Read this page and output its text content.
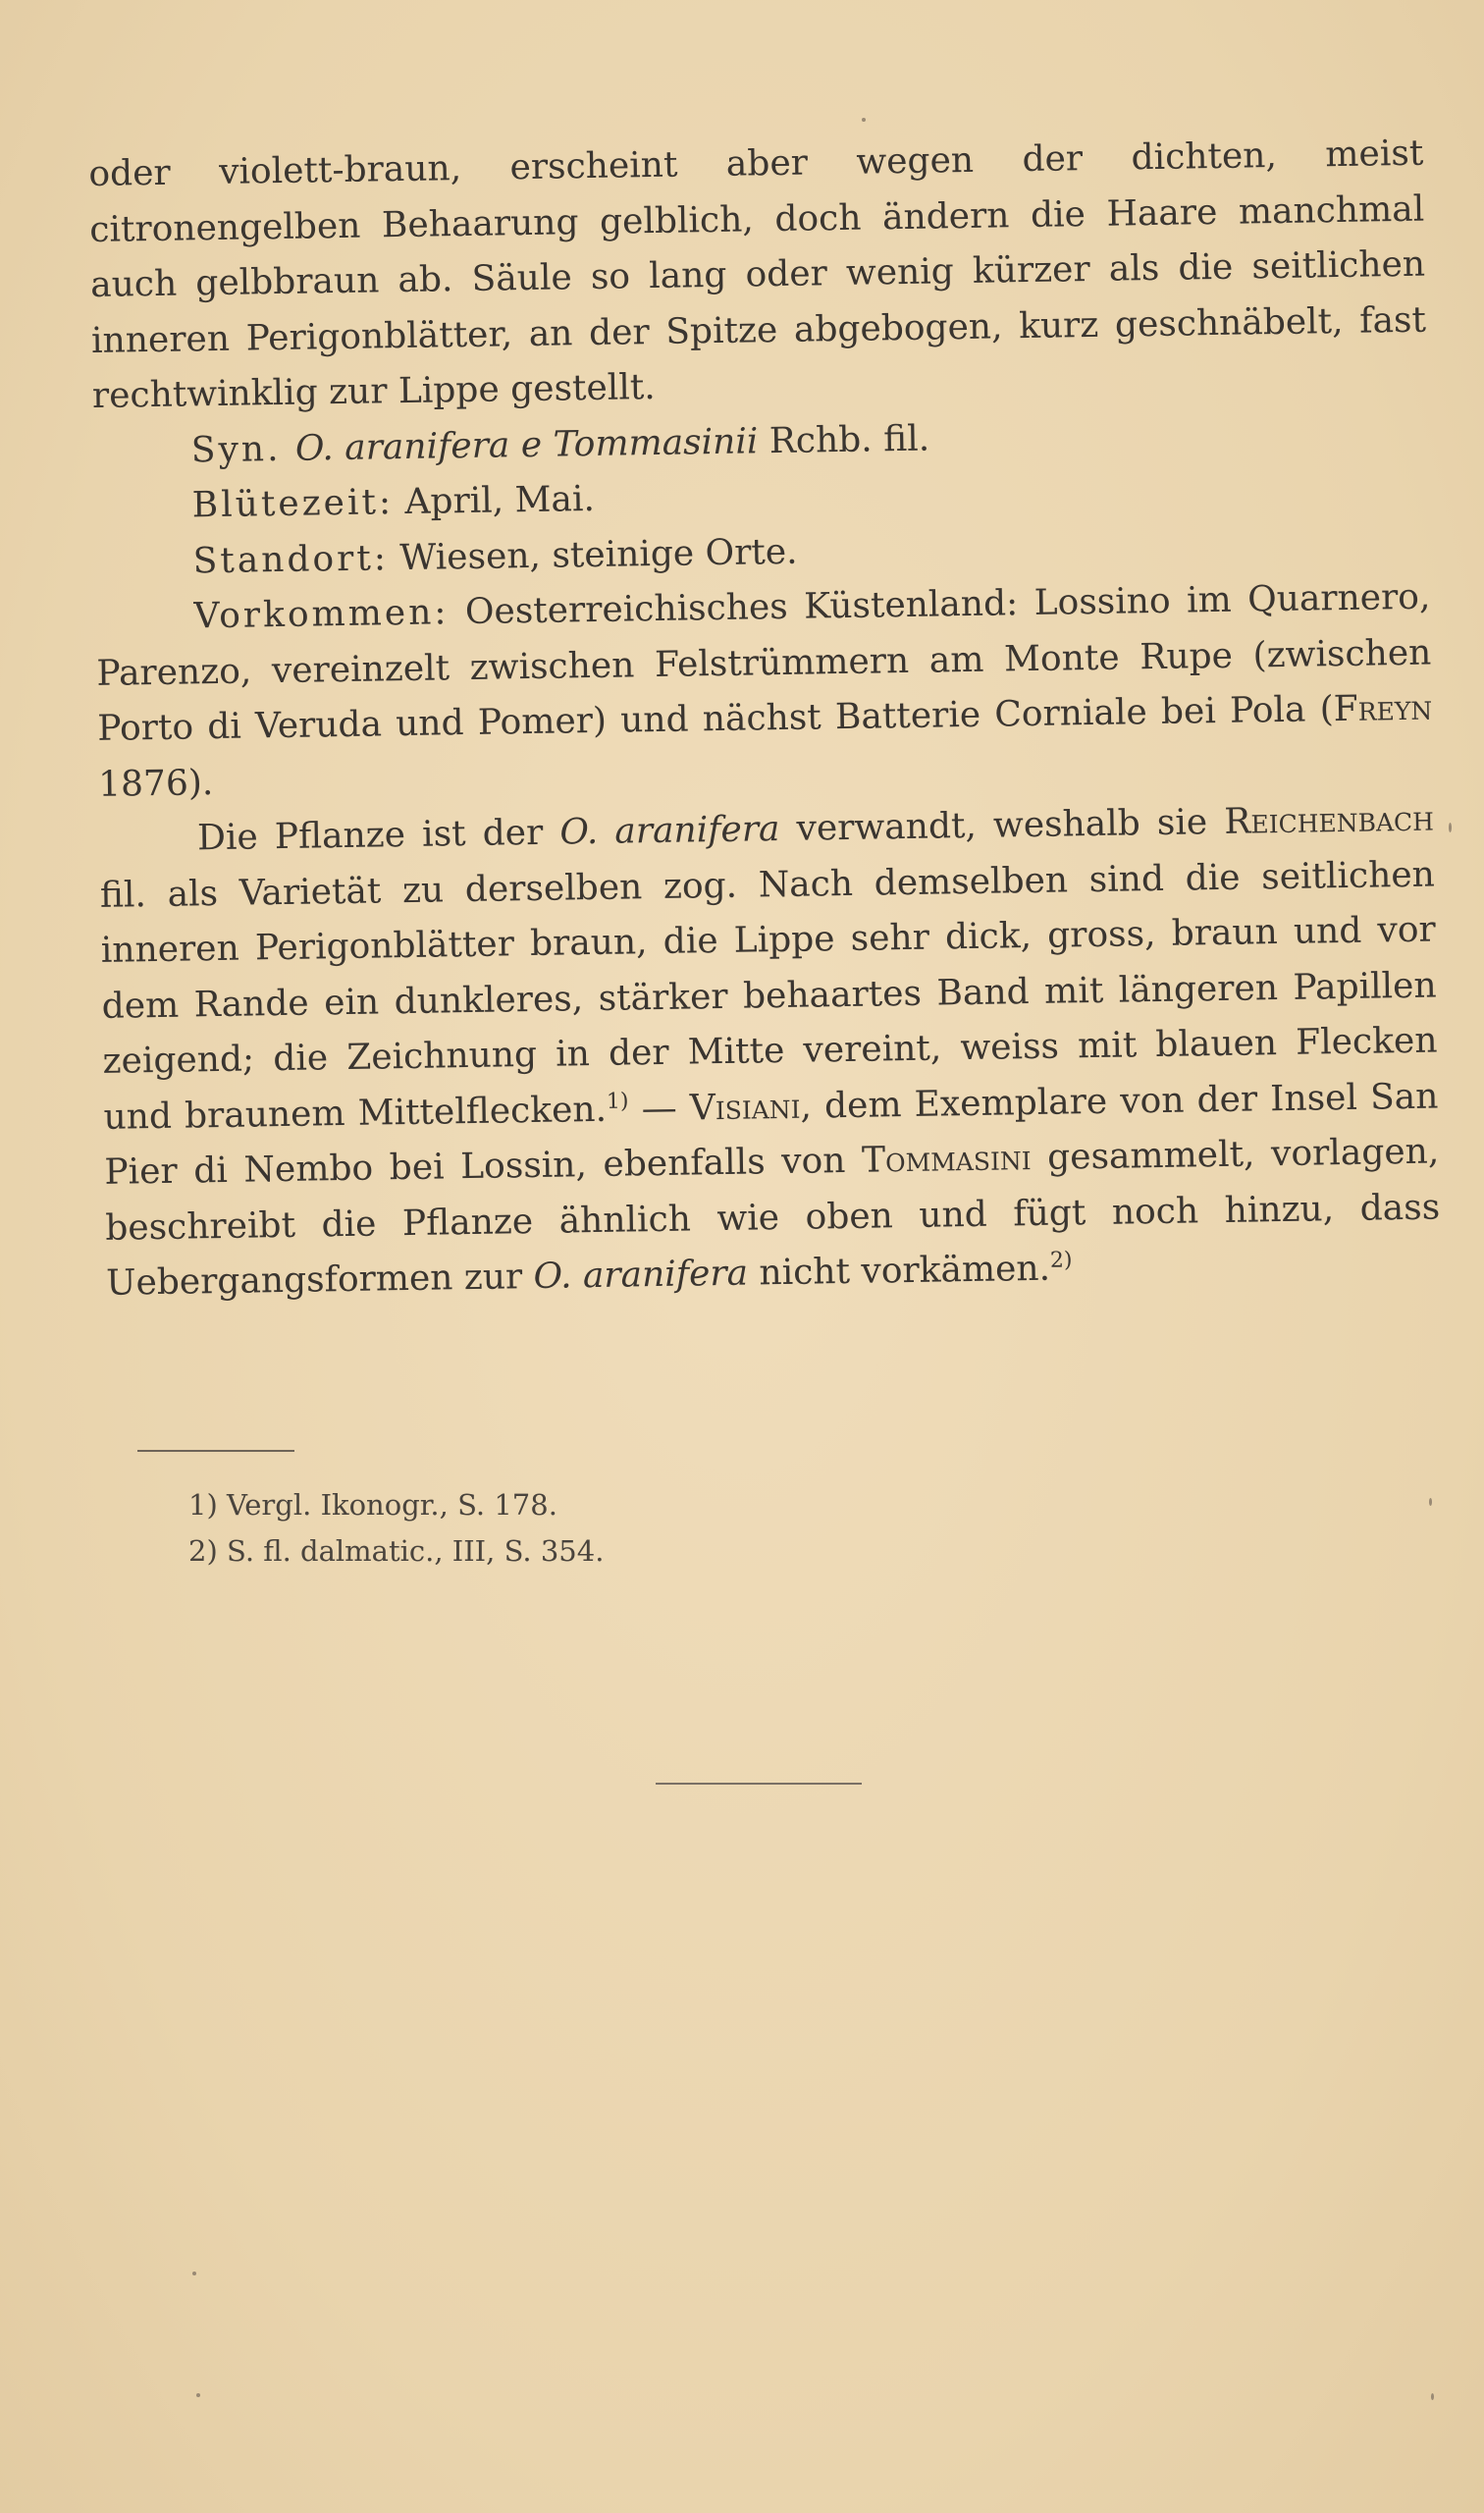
oder violett-braun, erscheint aber wegen der dichten, meist citronengelben Behaarung gelblich, doch ändern die Haare manchmal auch gelbbraun ab. Säule so lang oder wenig kürzer als die seitlichen inneren Perigonblätter, an der Spitze abgebogen, kurz geschnäbelt, fast rechtwinklig zur Lippe gestellt.

Syn. O. aranifera e Tommasinii Rchb. fil.

Blütezeit: April, Mai.

Standort: Wiesen, steinige Orte.

Vorkommen: Oesterreichisches Küstenland: Lossino im Quarnero, Parenzo, vereinzelt zwischen Felstrümmern am Monte Rupe (zwischen Porto di Veruda und Pomer) und nächst Batterie Corniale bei Pola (Freyn 1876).

Die Pflanze ist der O. aranifera verwandt, weshalb sie Reichenbach fil. als Varietät zu derselben zog. Nach demselben sind die seitlichen inneren Perigonblätter braun, die Lippe sehr dick, gross, braun und vor dem Rande ein dunkleres, stärker behaartes Band mit längeren Papillen zeigend; die Zeichnung in der Mitte vereint, weiss mit blauen Flecken und braunem Mittelflecken.$^{1)}$ — Visiani, dem Exemplare von der Insel San Pier di Nembo bei Lossin, ebenfalls von Tommasini gesammelt, vorlagen, beschreibt die Pflanze ähnlich wie oben und fügt noch hinzu, dass Uebergangsformen zur O. aranifera nicht vorkämen.$^{2)}$

1) Vergl. Ikonogr., S. 178.

2) S. fl. dalmatic., III, S. 354.
